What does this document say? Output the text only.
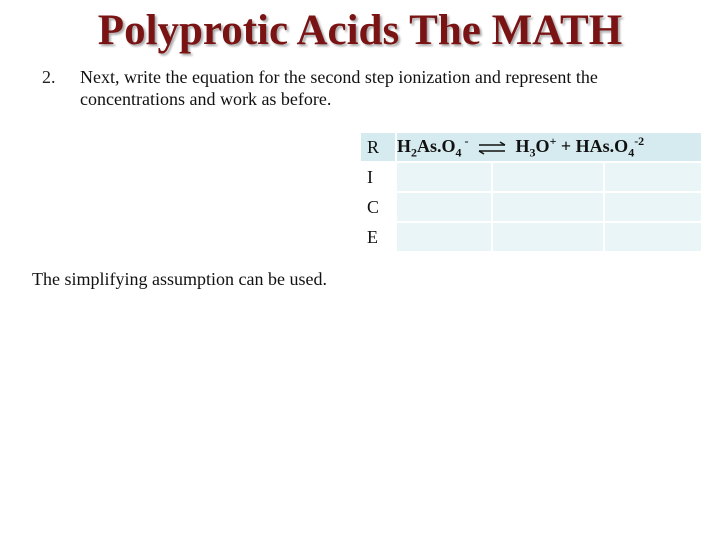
Polyprotic Acids The MATH
2.	Next, write the equation for the second step ionization and represent the concentrations and work as before.
R	$H_2As.O_4$ - ⇌ $H_3O^+ + HAs.O_4^{-2}$
I			
C			
E			
The simplifying assumption can be used.
